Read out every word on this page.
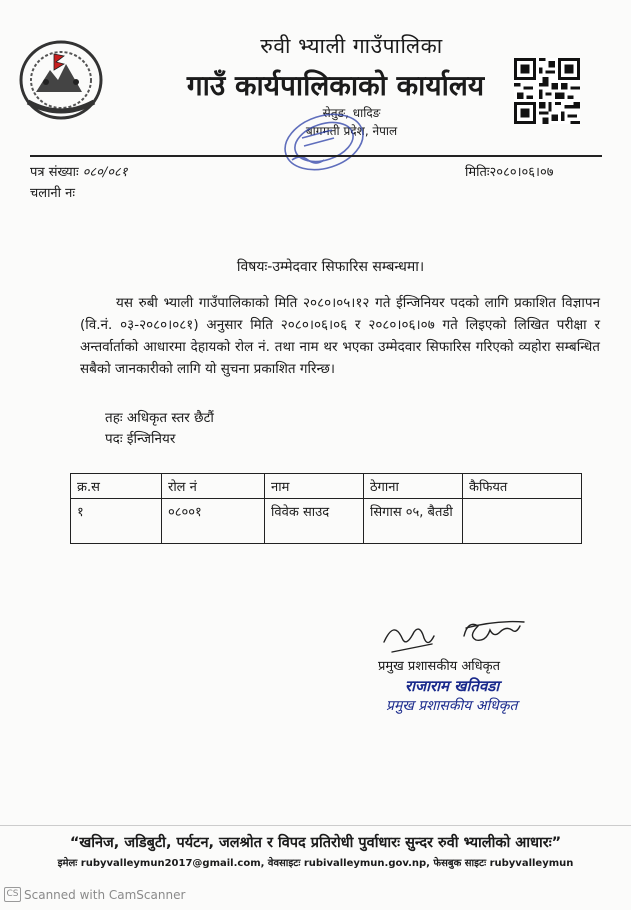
रुवी भ्याली गाउँपालिका
गाउँ कार्यपालिकाको कार्यालय
सेतुङ, धादिङ
बागमती प्रदेश, नेपाल
पत्र संख्याः ०८०/०८१
चलानी नः
मितिः२०८०।०६।०७
विषयः-उम्मेदवार सिफारिस सम्बन्धमा।
यस रुबी भ्याली गाउँपालिकाको मिति २०८०।०५।१२ गते ईन्जिनियर पदको लागि प्रकाशित विज्ञापन (वि.नं. ०३-२०८०।०८१) अनुसार मिति २०८०।०६।०६ र २०८०।०६।०७ गते लिइएको लिखित परीक्षा र अन्तर्वार्ताको आधारमा देहायको रोल नं. तथा नाम थर भएका उम्मेदवार सिफारिस गरिएको व्यहोरा सम्बन्धित सबैको जानकारीको लागि यो सुचना प्रकाशित गरिन्छ।
तहः अधिकृत स्तर छैटौं
पदः ईन्जिनियर
क्र.स	रोल नं	नाम	ठेगाना	कैफियत
१	०८००१	विवेक साउद	सिगास ०५, बैतडी	
प्रमुख प्रशासकीय अधिकृत
राजाराम खतिवडा
प्रमुख प्रशासकीय अधिकृत
“खनिज, जडिबुटी, पर्यटन, जलश्रोत र विपद प्रतिरोधी पुर्वाधारः सुन्दर रुवी भ्यालीको आधारः”
इमेलः rubyvalleymun2017@gmail.com, वेवसाइटः rubivalleymun.gov.np, फेसबुक साइटः rubyvalleymun
CS Scanned with CamScanner
